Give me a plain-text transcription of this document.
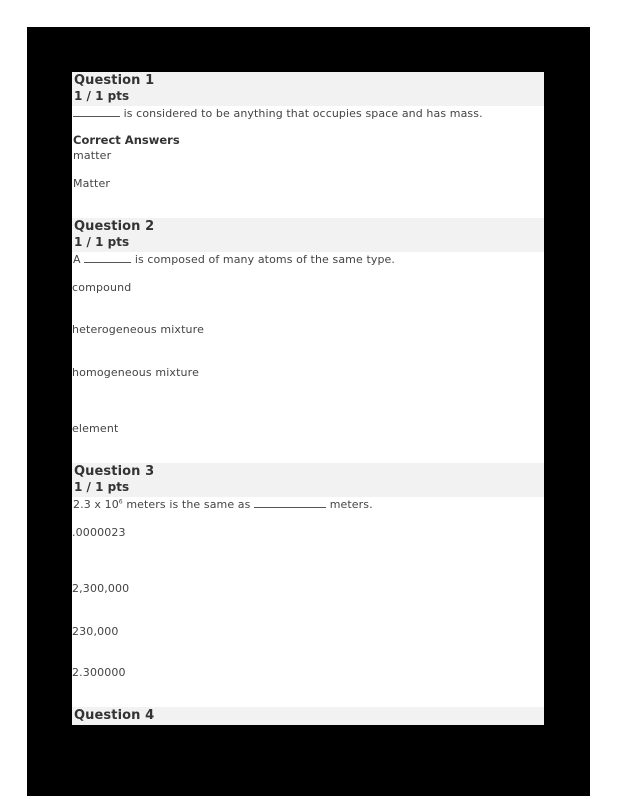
Question 1
1 / 1 pts
is considered to be anything that occupies space and has mass.
Correct Answers
matter
Matter
Question 2
1 / 1 pts
A	is composed of many atoms of the same type.
compound
heterogeneous mixture
homogeneous mixture
element
Question 3
1 / 1 pts
2.3 x $10^6$ meters is the same as	meters.
.0000023
2,300,000
230,000
2.300000
Question 4
